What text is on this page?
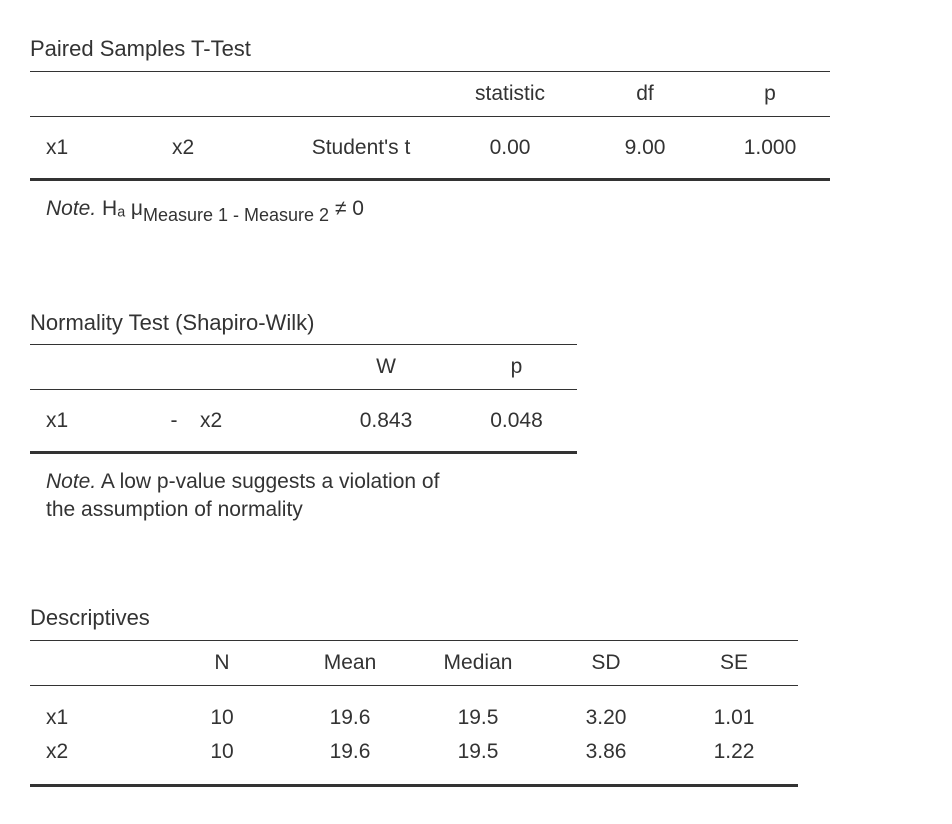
Paired Samples T-Test
			statistic	df	p
x1	x2	Student's t	0.00	9.00	1.000
Note. Hₐ μMeasure 1 - Measure 2 ≠ 0
Normality Test (Shapiro-Wilk)
			W	p
x1	-	x2	0.843	0.048
Note. A low p-value suggests a violation of
the assumption of normality
Descriptives
	N	Mean	Median	SD	SE
x1	10	19.6	19.5	3.20	1.01
x2	10	19.6	19.5	3.86	1.22
